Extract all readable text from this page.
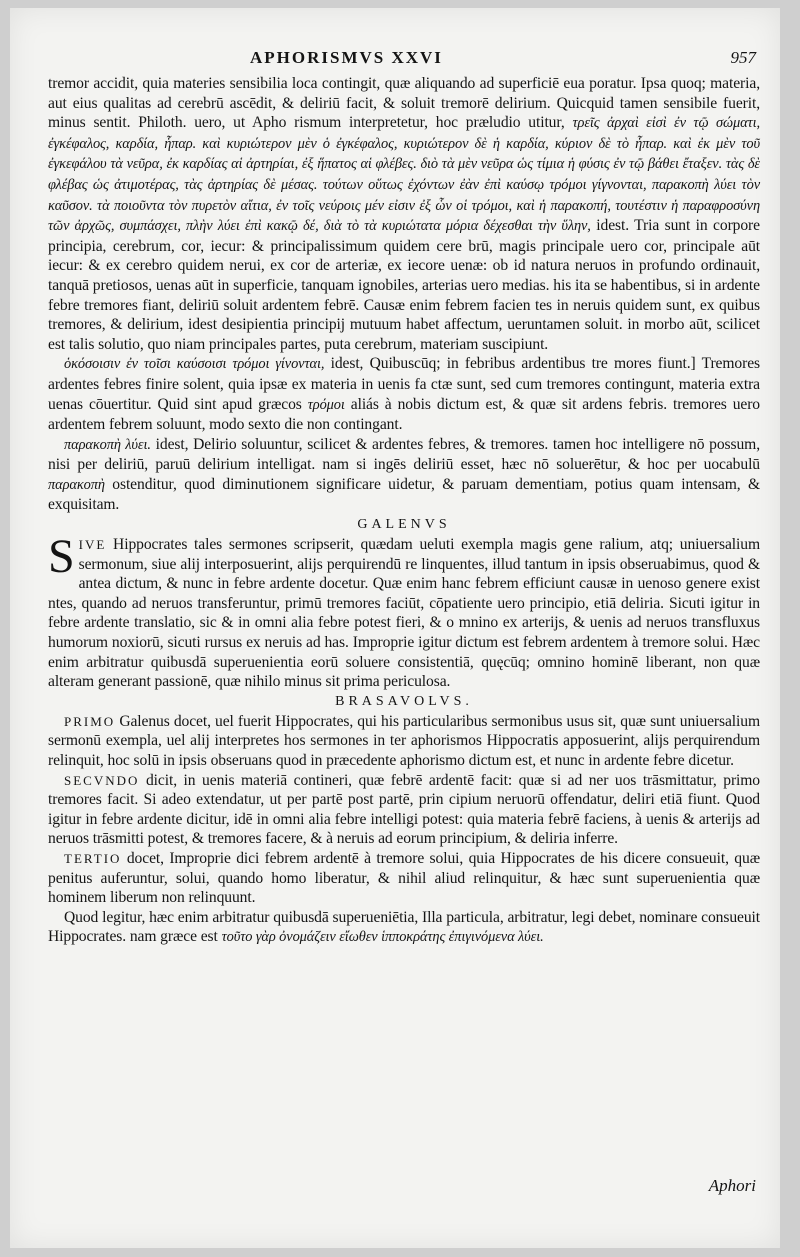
APHORISMVS XXVI	957

tremor accidit, quia materies sensibilia loca contingit, quæ aliquando ad superficiē eua poratur. Ipsa quoq; materia, aut eius qualitas ad cerebrū ascēdit, & deliriū facit, & soluit tremorē delirium. Quicquid tamen sensibile fuerit, minus sentit. Philoth. uero, ut Apho rismum interpretetur, hoc præludio utitur, τρεῖς ἀρχαὶ εἰσὶ ἐν τῷ σώματι, ἐγκέφαλος, καρδία, ἧπαρ. καὶ κυριώτερον μὲν ὁ ἐγκέφαλος, κυριώτερον δὲ ἡ καρδία, κύριον δὲ τὸ ἧπαρ. καὶ ἐκ μὲν τοῦ ἐγκεφάλου τὰ νεῦρα, ἐκ καρδίας αἱ ἀρτηρίαι, ἐξ ἥπατος αἱ φλέβες. διὸ τὰ μὲν νεῦρα ὡς τίμια ἡ φύσις ἐν τῷ βάθει ἔταξεν. τὰς δὲ φλέβας ὡς ἀτιμοτέρας, τὰς ἀρτηρίας δὲ μέσας. τούτων οὕτως ἐχόντων ἐὰν ἐπὶ καύσῳ τρόμοι γίγνονται, παρακοπὴ λύει τὸν καῦσον. τὰ ποιοῦντα τὸν πυρετὸν αἴτια, ἐν τοῖς νεύροις μέν εἰσιν ἐξ ὧν οἱ τρόμοι, καὶ ἡ παρακοπή, τουτέστιν ἡ παραφροσύνη τῶν ἀρχῶς, συμπάσχει, πλὴν λύει ἐπὶ κακῷ δέ, διὰ τὸ τὰ κυριώτατα μόρια δέχεσθαι τὴν ὕλην, idest. Tria sunt in corpore principia, cerebrum, cor, iecur: & principalissimum quidem cere brū, magis principale uero cor, principale aūt iecur: & ex cerebro quidem nerui, ex cor de arteriæ, ex iecore uenæ: ob id natura neruos in profundo ordinauit, tanquā pretiosos, uenas aūt in superficie, tanquam ignobiles, arterias uero medias. his ita se habentibus, si in ardente febre tremores fiant, deliriū soluit ardentem febrē. Causæ enim febrem facien tes in neruis quidem sunt, ex quibus tremores, & delirium, idest desipientia principij mutuum habet affectum, ueruntamen soluit. in morbo aūt, scilicet est talis solutio, quo niam principales partes, puta cerebrum, materiam suscipiunt.

ὁκόσοισιν ἐν τοῖσι καύσοισι τρόμοι γίνονται, idest, Quibuscūq; in febribus ardentibus tre mores fiunt.] Tremores ardentes febres finire solent, quia ipsæ ex materia in uenis fa ctæ sunt, sed cum tremores contingunt, materia extra uenas cōuertitur. Quid sint apud græcos τρόμοι aliás à nobis dictum est, & quæ sit ardens febris. tremores uero ardentem febrem soluunt, modo sexto die non contingant.

παρακοπὴ λύει. idest, Delirio soluuntur, scilicet & ardentes febres, & tremores. tamen hoc intelligere nō possum, nisi per deliriū, paruū delirium intelligat. nam si ingēs deliriū esset, hæc nō soluerētur, & hoc per uocabulū παρακοπὴ ostenditur, quod diminutionem significare uidetur, & paruam dementiam, potius quam intensam, & exquisitam.

GALENVS

SIVE Hippocrates tales sermones scripserit, quædam ueluti exempla magis gene ralium, atq; uniuersalium sermonum, siue alij interposuerint, alijs perquirendū re linquentes, illud tantum in ipsis obseruabimus, quod & antea dictum, & nunc in febre ardente docetur. Quæ enim hanc febrem efficiunt causæ in uenoso genere exist ntes, quando ad neruos transferuntur, primū tremores faciūt, cōpatiente uero principio, etiā deliria. Sicuti igitur in febre ardente translatio, sic & in omni alia febre potest fieri, & o mnino ex arterijs, & uenis ad neruos transfluxus humorum noxiorū, sicuti rursus ex neruis ad has. Improprie igitur dictum est febrem ardentem à tremore solui. Hæc enim arbitratur quibusdā superuenientia eorū soluere consistentiā, quęcūq; omnino hominē liberant, non quæ alteram generant passionē, quæ nihilo minus sit prima periculosa.

BRASAVOLVS.

PRIMO Galenus docet, uel fuerit Hippocrates, qui his particularibus sermonibus usus sit, quæ sunt uniuersalium sermonū exempla, uel alij interpretes hos sermones in ter aphorismos Hippocratis apposuerint, alijs perquirendum relinquit, hoc solū in ipsis obseruans quod in præcedente aphorismo dictum est, et nunc in ardente febre dicetur.

SECVNDO dicit, in uenis materiā contineri, quæ febrē ardentē facit: quæ si ad ner uos trāsmittatur, primo tremores facit. Si adeo extendatur, ut per partē post partē, prin cipium neruorū offendatur, deliri etiā fiunt. Quod igitur in febre ardente dicitur, idē in omni alia febre intelligi potest: quia materia febrē faciens, à uenis & arterijs ad neruos trāsmitti potest, & tremores facere, & à neruis ad eorum principium, & deliria inferre.

TERTIO docet, Improprie dici febrem ardentē à tremore solui, quia Hippocrates de his dicere consueuit, quæ penitus auferuntur, solui, quando homo liberatur, & nihil aliud relinquitur, & hæc sunt superuenientia quæ hominem liberum non relinquunt.

Quod legitur, hæc enim arbitratur quibusdā superueniētia, Illa particula, arbitratur, legi debet, nominare consueuit Hippocrates. nam græce est τοῦτο γὰρ ὀνομάζειν εἴωθεν ἱπποκράτης ἐπιγινόμενα λύει.

Aphori
